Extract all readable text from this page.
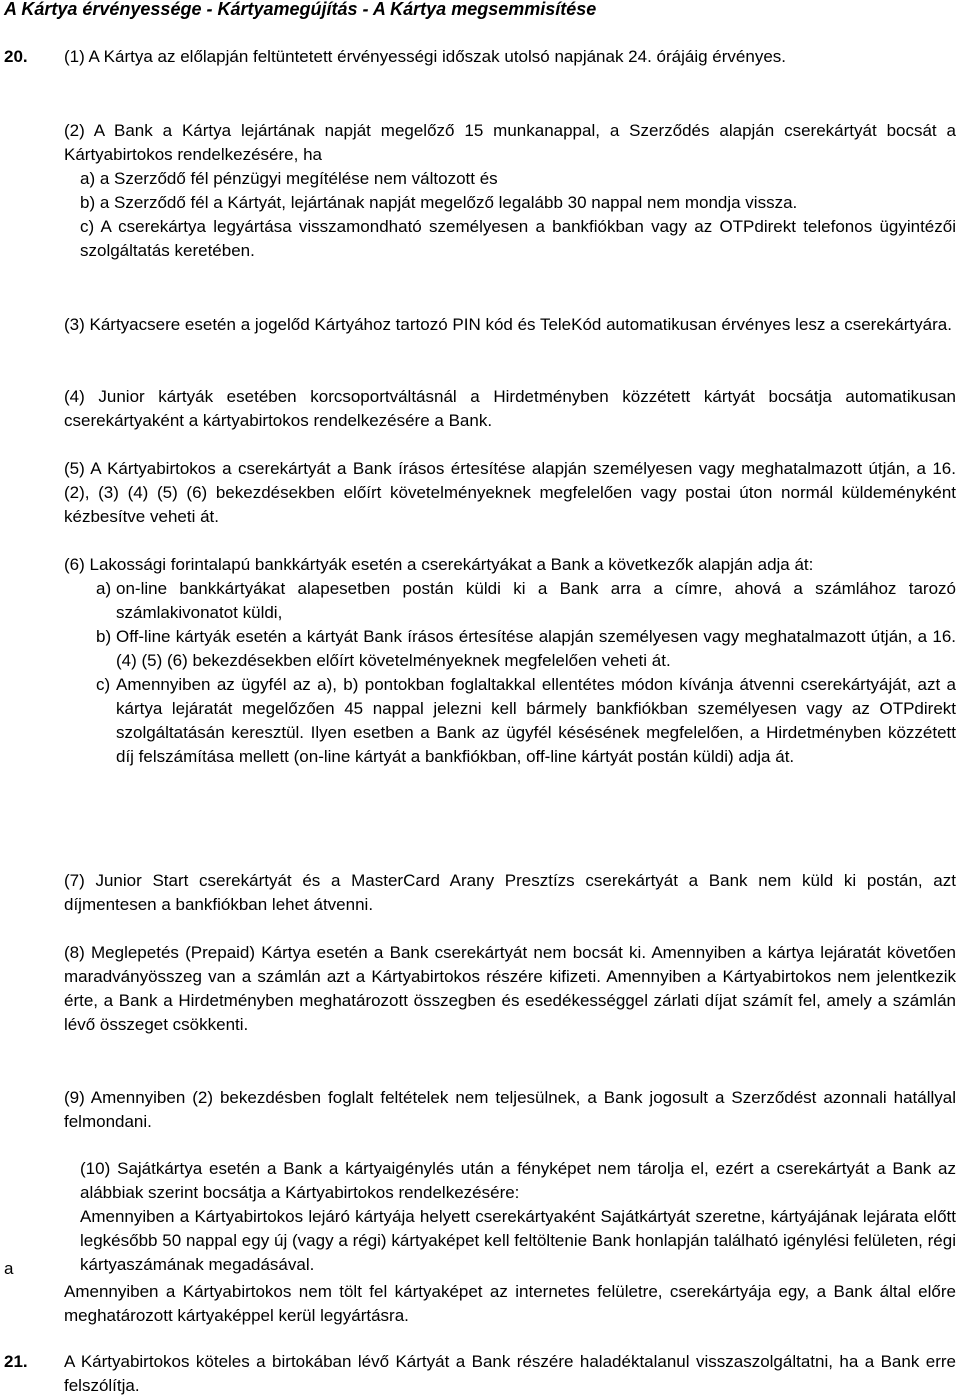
A Kártya érvényessége - Kártyamegújítás - A Kártya megsemmisítése
20. (1) A Kártya az előlapján feltüntetett érvényességi időszak utolsó napjának 24. órájáig érvényes.
(2) A Bank a Kártya lejártának napját megelőző 15 munkanappal, a Szerződés alapján cserekártyát bocsát a Kártyabirtokos rendelkezésére, ha
a) a Szerződő fél pénzügyi megítélése nem változott és
b) a Szerződő fél a Kártyát, lejártának napját megelőző legalább 30 nappal nem mondja vissza.
c) A cserekártya legyártása visszamondható személyesen a bankfiókban vagy az OTPdirekt telefonos ügyintézői szolgáltatás keretében.
(3) Kártyacsere esetén a jogelőd Kártyához tartozó PIN kód és TeleKód automatikusan érvényes lesz a cserekártyára.
(4) Junior kártyák esetében korcsoportváltásnál a Hirdetményben közzétett kártyát bocsátja automatikusan cserekártyaként a kártyabirtokos rendelkezésére a Bank.
(5) A Kártyabirtokos a cserekártyát a Bank írásos értesítése alapján személyesen vagy meghatalmazott útján, a 16. (2), (3) (4) (5) (6) bekezdésekben előírt követelményeknek megfelelően vagy postai úton normál küldeményként kézbesítve veheti át.
(6) Lakossági forintalapú bankkártyák esetén a cserekártyákat a Bank a következők alapján adja át:
a) on-line bankkártyákat alapesetben postán küldi ki a Bank arra a címre, ahová a számlához tarozó számlakivonatot küldi,
b) Off-line kártyák esetén a kártyát Bank írásos értesítése alapján személyesen vagy meghatalmazott útján, a 16. (4) (5) (6) bekezdésekben előírt követelményeknek megfelelően veheti át.
c) Amennyiben az ügyfél az a), b) pontokban foglaltakkal ellentétes módon kívánja átvenni cserekártyáját, azt a kártya lejáratát megelőzően 45 nappal jelezni kell bármely bankfiókban személyesen vagy az OTPdirekt szolgáltatásán keresztül. Ilyen esetben a Bank az ügyfél késésének megfelelően, a Hirdetményben közzétett díj felszámítása mellett (on-line kártyát a bankfiókban, off-line kártyát postán küldi) adja át.
(7) Junior Start cserekártyát és a MasterCard Arany Presztízs cserekártyát a Bank nem küld ki postán, azt díjmentesen a bankfiókban lehet átvenni.
(8) Meglepetés (Prepaid) Kártya esetén a Bank cserekártyát nem bocsát ki. Amennyiben a kártya lejáratát követően maradványösszeg van a számlán azt a Kártyabirtokos részére kifizeti. Amennyiben a Kártyabirtokos nem jelentkezik érte, a Bank a Hirdetményben meghatározott összegben és esedékességgel zárlati díjat számít fel, amely a számlán lévő összeget csökkenti.
(9) Amennyiben (2) bekezdésben foglalt feltételek nem teljesülnek, a Bank jogosult a Szerződést azonnali hatállyal felmondani.
(10) Sajátkártya esetén a Bank a kártyaigénylés után a fényképet nem tárolja el, ezért a cserekártyát a Bank az alábbiak szerint bocsátja a Kártyabirtokos rendelkezésére:
Amennyiben a Kártyabirtokos lejáró kártyája helyett cserekártyaként Sajátkártyát szeretne, kártyájának lejárata előtt legkésőbb 50 nappal egy új (vagy a régi) kártyaképet kell feltöltenie Bank honlapján található igénylési felületen, régi kártyaszámának megadásával.
a
Amennyiben a Kártyabirtokos nem tölt fel kártyaképet az internetes felületre, cserekártyája egy, a Bank által előre meghatározott kártyaképpel kerül legyártásra.
21. A Kártyabirtokos köteles a birtokában lévő Kártyát a Bank részére haladéktalanul visszaszolgáltatni, ha a Bank erre felszólítja.
